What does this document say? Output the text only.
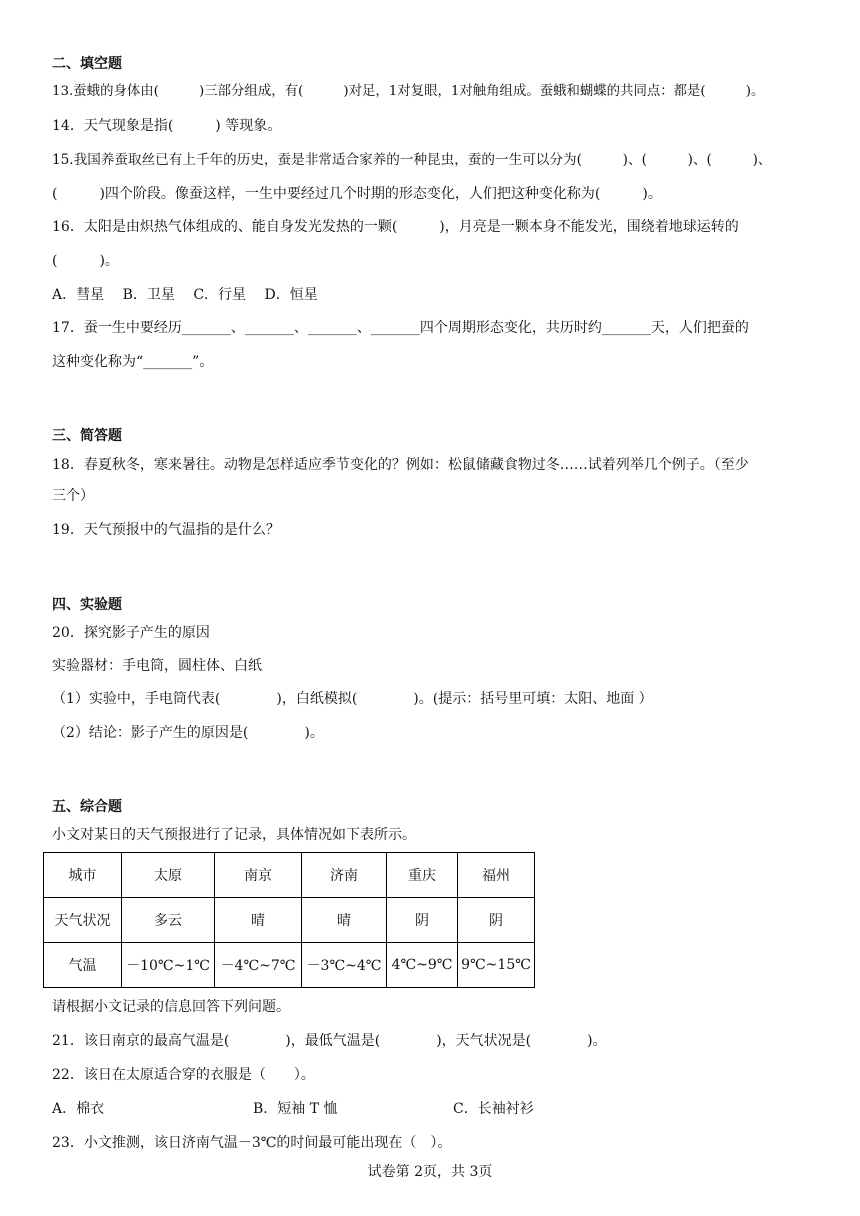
二、填空题
13.蚕蛾的身体由(　　　)三部分组成，有(　　　)对足，1对复眼，1对触角组成。蚕蛾和蝴蝶的共同点：都是(　　　)。
14．天气现象是指(　　　) 等现象。
15.我国养蚕取丝已有上千年的历史，蚕是非常适合家养的一种昆虫，蚕的一生可以分为(　　　)、(　　　)、(　　　)、
(　　　)四个阶段。像蚕这样，一生中要经过几个时期的形态变化，人们把这种变化称为(　　　)。
16．太阳是由炽热气体组成的、能自身发光发热的一颗(　　　)，月亮是一颗本身不能发光，围绕着地球运转的
(　　　)。
A．彗星 B．卫星 C．行星 D．恒星
17．蚕一生中要经历_______、_______、_______、_______四个周期形态变化，共历时约_______天，人们把蚕的
这种变化称为“_______”。
三、简答题
18．春夏秋冬，寒来暑往。动物是怎样适应季节变化的？例如：松鼠储藏食物过冬……试着列举几个例子。（至少
三个）
19．天气预报中的气温指的是什么？
四、实验题
20．探究影子产生的原因
实验器材：手电筒，圆柱体、白纸
（1）实验中，手电筒代表(　　　　)，白纸模拟(　　　　)。(提示：括号里可填：太阳、地面 ）
（2）结论：影子产生的原因是(　　　　)。
五、综合题
小文对某日的天气预报进行了记录，具体情况如下表所示。
城市	太原	南京	济南	重庆	福州
天气状况	多云	晴	晴	阴	阴
气温	－10℃~1℃	－4℃~7℃	－3℃~4℃	4℃~9℃	9℃~15℃
请根据小文记录的信息回答下列问题。
21．该日南京的最高气温是(　　　　)，最低气温是(　　　　)，天气状况是(　　　　)。
22．该日在太原适合穿的衣服是（　　）。
A．棉衣	B．短袖 T 恤	C．长袖衬衫
23．小文推测，该日济南气温－3℃的时间最可能出现在（　）。
试卷第 2页，共 3页
